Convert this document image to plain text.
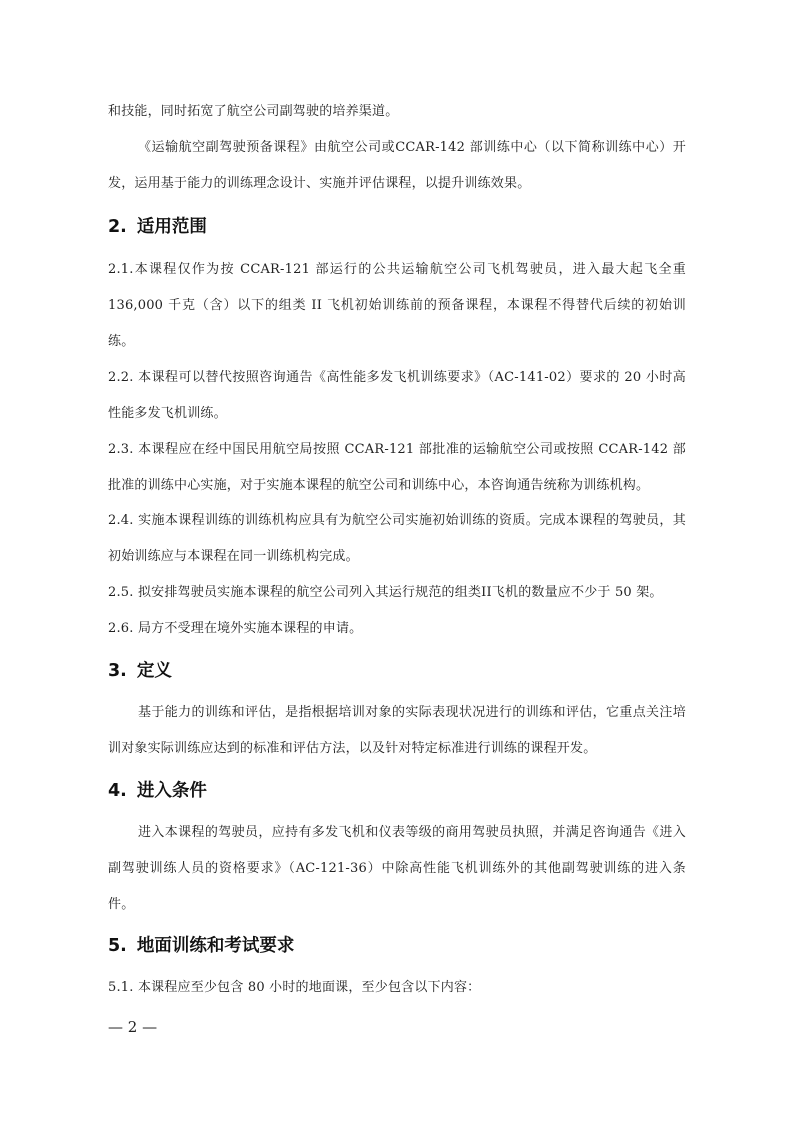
和技能，同时拓宽了航空公司副驾驶的培养渠道。

《运输航空副驾驶预备课程》由航空公司或CCAR-142 部训练中心（以下简称训练中心）开发，运用基于能力的训练理念设计、实施并评估课程，以提升训练效果。

2. 适用范围

2.1.本课程仅作为按 CCAR-121 部运行的公共运输航空公司飞机驾驶员，进入最大起飞全重136,000 千克（含）以下的组类 II 飞机初始训练前的预备课程，本课程不得替代后续的初始训练。

2.2. 本课程可以替代按照咨询通告《高性能多发飞机训练要求》（AC-141-02）要求的 20 小时高性能多发飞机训练。

2.3. 本课程应在经中国民用航空局按照 CCAR-121 部批准的运输航空公司或按照 CCAR-142 部批准的训练中心实施，对于实施本课程的航空公司和训练中心，本咨询通告统称为训练机构。

2.4. 实施本课程训练的训练机构应具有为航空公司实施初始训练的资质。完成本课程的驾驶员，其初始训练应与本课程在同一训练机构完成。

2.5. 拟安排驾驶员实施本课程的航空公司列入其运行规范的组类II飞机的数量应不少于 50 架。

2.6. 局方不受理在境外实施本课程的申请。

3. 定义

基于能力的训练和评估，是指根据培训对象的实际表现状况进行的训练和评估，它重点关注培训对象实际训练应达到的标准和评估方法，以及针对特定标准进行训练的课程开发。

4. 进入条件

进入本课程的驾驶员，应持有多发飞机和仪表等级的商用驾驶员执照，并满足咨询通告《进入副驾驶训练人员的资格要求》（AC-121-36）中除高性能飞机训练外的其他副驾驶训练的进入条件。

5. 地面训练和考试要求

5.1. 本课程应至少包含 80 小时的地面课，至少包含以下内容：

— 2 —
